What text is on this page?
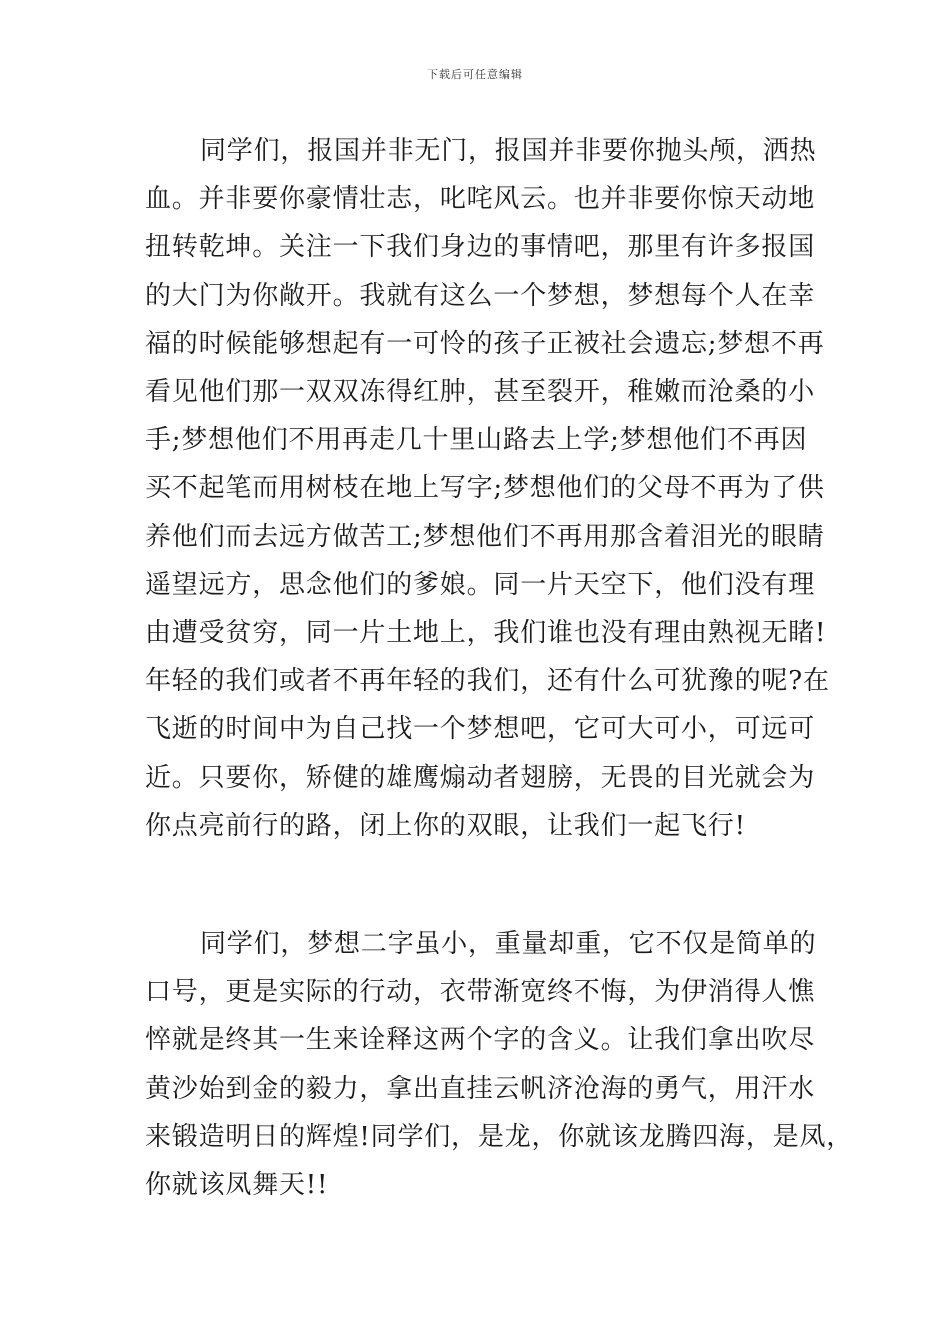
下载后可任意编辑

同学们，报国并非无门，报国并非要你抛头颅，洒热
血。并非要你豪情壮志，叱咤风云。也并非要你惊天动地
扭转乾坤。关注一下我们身边的事情吧，那里有许多报国
的大门为你敞开。我就有这么一个梦想，梦想每个人在幸
福的时候能够想起有一可怜的孩子正被社会遗忘;梦想不再
看见他们那一双双冻得红肿，甚至裂开，稚嫩而沧桑的小
手;梦想他们不用再走几十里山路去上学;梦想他们不再因
买不起笔而用树枝在地上写字;梦想他们的父母不再为了供
养他们而去远方做苦工;梦想他们不再用那含着泪光的眼睛
遥望远方，思念他们的爹娘。同一片天空下，他们没有理
由遭受贫穷，同一片土地上，我们谁也没有理由熟视无睹!
年轻的我们或者不再年轻的我们，还有什么可犹豫的呢?在
飞逝的时间中为自己找一个梦想吧，它可大可小，可远可
近。只要你，矫健的雄鹰煽动者翅膀，无畏的目光就会为
你点亮前行的路，闭上你的双眼，让我们一起飞行!

同学们，梦想二字虽小，重量却重，它不仅是简单的
口号，更是实际的行动，衣带渐宽终不悔，为伊消得人憔
悴就是终其一生来诠释这两个字的含义。让我们拿出吹尽
黄沙始到金的毅力，拿出直挂云帆济沧海的勇气，用汗水
来锻造明日的辉煌!同学们，是龙，你就该龙腾四海，是凤，
你就该凤舞天!!
